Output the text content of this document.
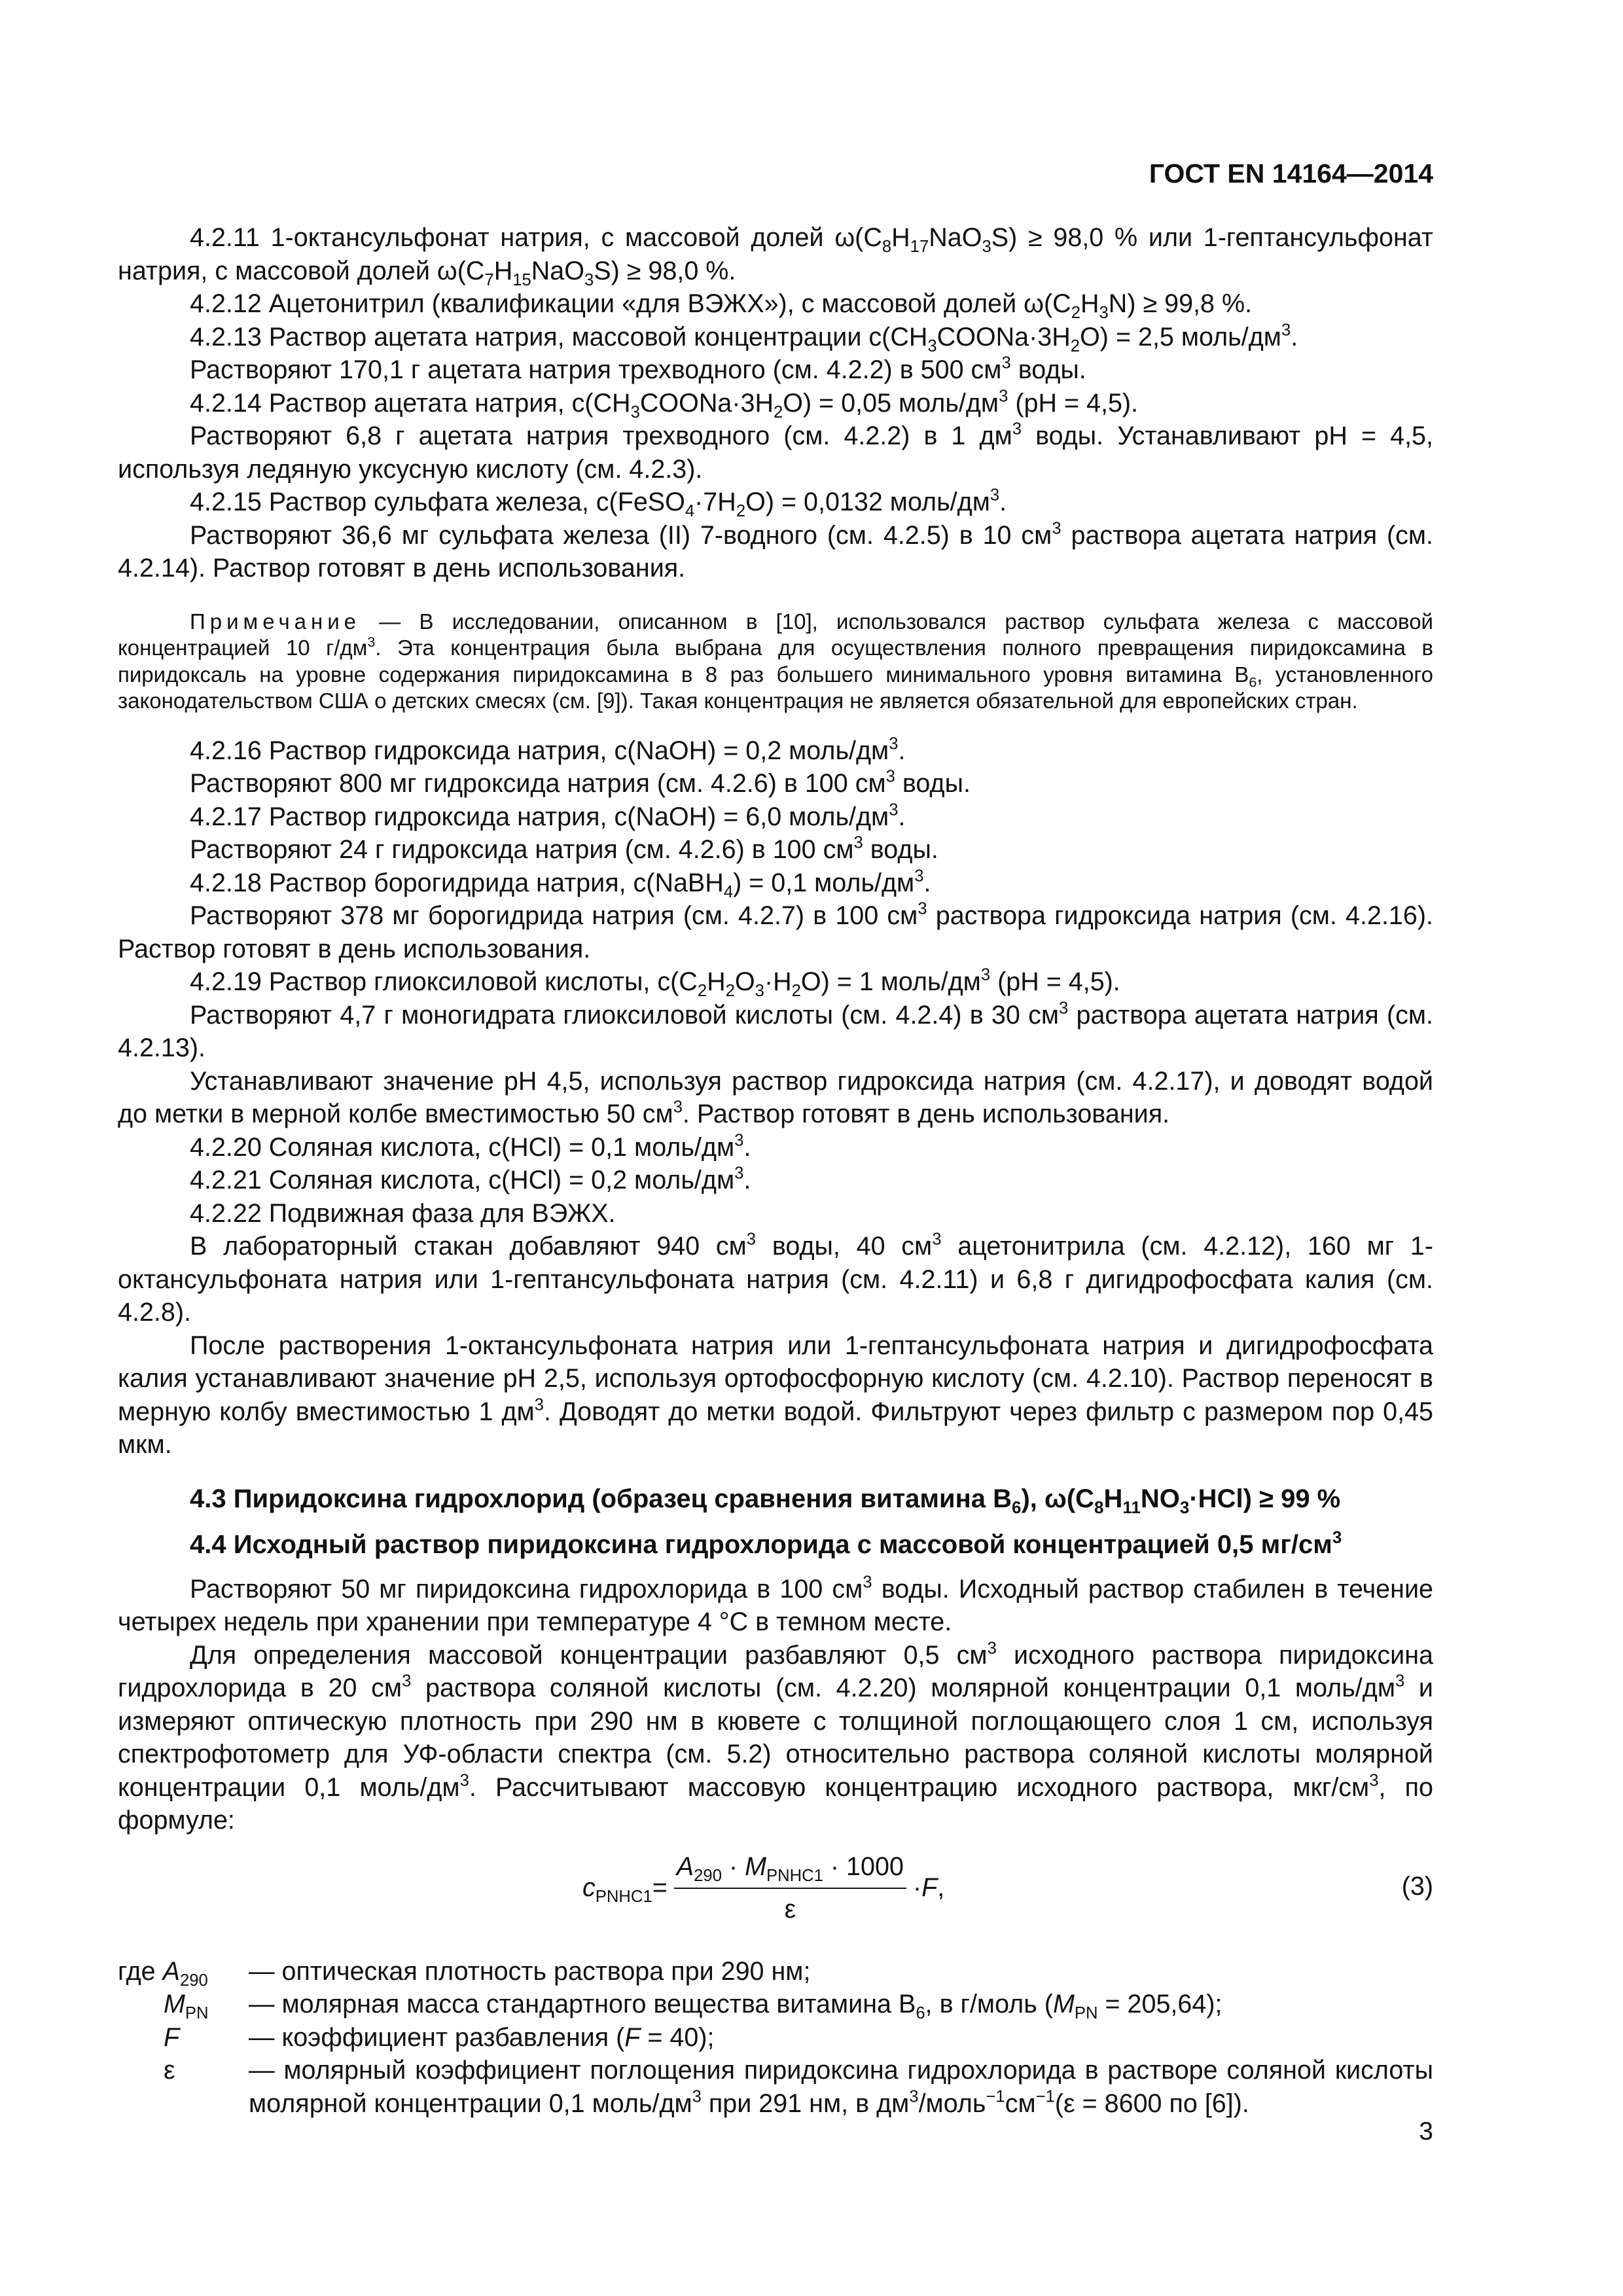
ГОСТ EN 14164—2014

4.2.11 1-октансульфонат натрия, с массовой долей $\omega(C_8H_{17}NaO_3S) \ge 98,0$ % или 1-гептансульфонат натрия, с массовой долей $\omega(C_7H_{15}NaO_3S) \ge 98,0$ %.

4.2.12 Ацетонитрил (квалификации «для ВЭЖХ»), с массовой долей $\omega(C_2H_3N) \ge 99,8$ %.

4.2.13 Раствор ацетата натрия, массовой концентрации $c(CH_3COONa\cdot 3H_2O) = 2,5$ моль/$дм^3$.

Растворяют 170,1 г ацетата натрия трехводного (см. 4.2.2) в 500 $см^3$ воды.

4.2.14 Раствор ацетата натрия, $c(CH_3COONa\cdot 3H_2O) = 0,05$ моль/$дм^3$ (pH = 4,5).

Растворяют 6,8 г ацетата натрия трехводного (см. 4.2.2) в 1 $дм^3$ воды. Устанавливают pH = 4,5, используя ледяную уксусную кислоту (см. 4.2.3).

4.2.15 Раствор сульфата железа, $c(FeSO_4\cdot 7H_2O) = 0,0132$ моль/$дм^3$.

Растворяют 36,6 мг сульфата железа (II) 7-водного (см. 4.2.5) в 10 $см^3$ раствора ацетата натрия (см. 4.2.14). Раствор готовят в день использования.

Примечание — В исследовании, описанном в [10], использовался раствор сульфата железа с массовой концентрацией 10 $г/дм^3$. Эта концентрация была выбрана для осуществления полного превращения пиридоксамина в пиридоксаль на уровне содержания пиридоксамина в 8 раз большего минимального уровня витамина $B_6$, установленного законодательством США о детских смесях (см. [9]). Такая концентрация не является обязательной для европейских стран.

4.2.16 Раствор гидроксида натрия, c(NaOH) = 0,2 моль/$дм^3$.

Растворяют 800 мг гидроксида натрия (см. 4.2.6) в 100 $см^3$ воды.

4.2.17 Раствор гидроксида натрия, c(NaOH) = 6,0 моль/$дм^3$.

Растворяют 24 г гидроксида натрия (см. 4.2.6) в 100 $см^3$ воды.

4.2.18 Раствор борогидрида натрия, c(NaBH$_4$) = 0,1 моль/$дм^3$.

Растворяют 378 мг борогидрида натрия (см. 4.2.7) в 100 $см^3$ раствора гидроксида натрия (см. 4.2.16). Раствор готовят в день использования.

4.2.19 Раствор глиоксиловой кислоты, $c(C_2H_2O_3\cdot H_2O) = 1$ моль/$дм^3$ (pH = 4,5).

Растворяют 4,7 г моногидрата глиоксиловой кислоты (см. 4.2.4) в 30 $см^3$ раствора ацетата натрия (см. 4.2.13).

Устанавливают значение pH 4,5, используя раствор гидроксида натрия (см. 4.2.17), и доводят водой до метки в мерной колбе вместимостью 50 $см^3$. Раствор готовят в день использования.

4.2.20 Соляная кислота, c(HCl) = 0,1 моль/$дм^3$.

4.2.21 Соляная кислота, c(HCl) = 0,2 моль/$дм^3$.

4.2.22 Подвижная фаза для ВЭЖХ.

В лабораторный стакан добавляют 940 $см^3$ воды, 40 $см^3$ ацетонитрила (см. 4.2.12), 160 мг 1-октансульфоната натрия или 1-гептансульфоната натрия (см. 4.2.11) и 6,8 г дигидрофосфата калия (см. 4.2.8).

После растворения 1-октансульфоната натрия или 1-гептансульфоната натрия и дигидрофосфата калия устанавливают значение pH 2,5, используя ортофосфорную кислоту (см. 4.2.10). Раствор переносят в мерную колбу вместимостью 1 $дм^3$. Доводят до метки водой. Фильтруют через фильтр с размером пор 0,45 мкм.

4.3 Пиридоксина гидрохлорид (образец сравнения витамина $B_6$), $\omega(C_8H_{11}NO_3\cdot HCl) \ge 99$ %
4.4 Исходный раствор пиридоксина гидрохлорида с массовой концентрацией 0,5 $мг/см^3$

Растворяют 50 мг пиридоксина гидрохлорида в 100 $см^3$ воды. Исходный раствор стабилен в течение четырех недель при хранении при температуре 4 °C в темном месте.

Для определения массовой концентрации разбавляют 0,5 $см^3$ исходного раствора пиридоксина гидрохлорида в 20 $см^3$ раствора соляной кислоты (см. 4.2.20) молярной концентрации 0,1 моль/$дм^3$ и измеряют оптическую плотность при 290 нм в кювете с толщиной поглощающего слоя 1 см, используя спектрофотометр для УФ-области спектра (см. 5.2) относительно раствора соляной кислоты молярной концентрации 0,1 моль/$дм^3$. Рассчитывают массовую концентрацию исходного раствора, мкг/$см^3$, по формуле:

$c_{PNHC1} = \frac{A_{290} \cdot M_{PNHC1} \cdot 1000}{\varepsilon} \cdot F$ ,	(3)
где $A_{290}$	— оптическая плотность раствора при 290 нм;
$M_{PN}$	— молярная масса стандартного вещества витамина $B_6$, в г/моль $(M_{PN} = 205,64)$;
F	— коэффициент разбавления (F = 40);
ε	— молярный коэффициент поглощения пиридоксина гидрохлорида в растворе соляной кислоты молярной концентрации 0,1 моль/$дм^3$ при 291 нм, в $дм^3/моль^{-1}см^{-1}(\varepsilon = 8600$ по [6]).
3
